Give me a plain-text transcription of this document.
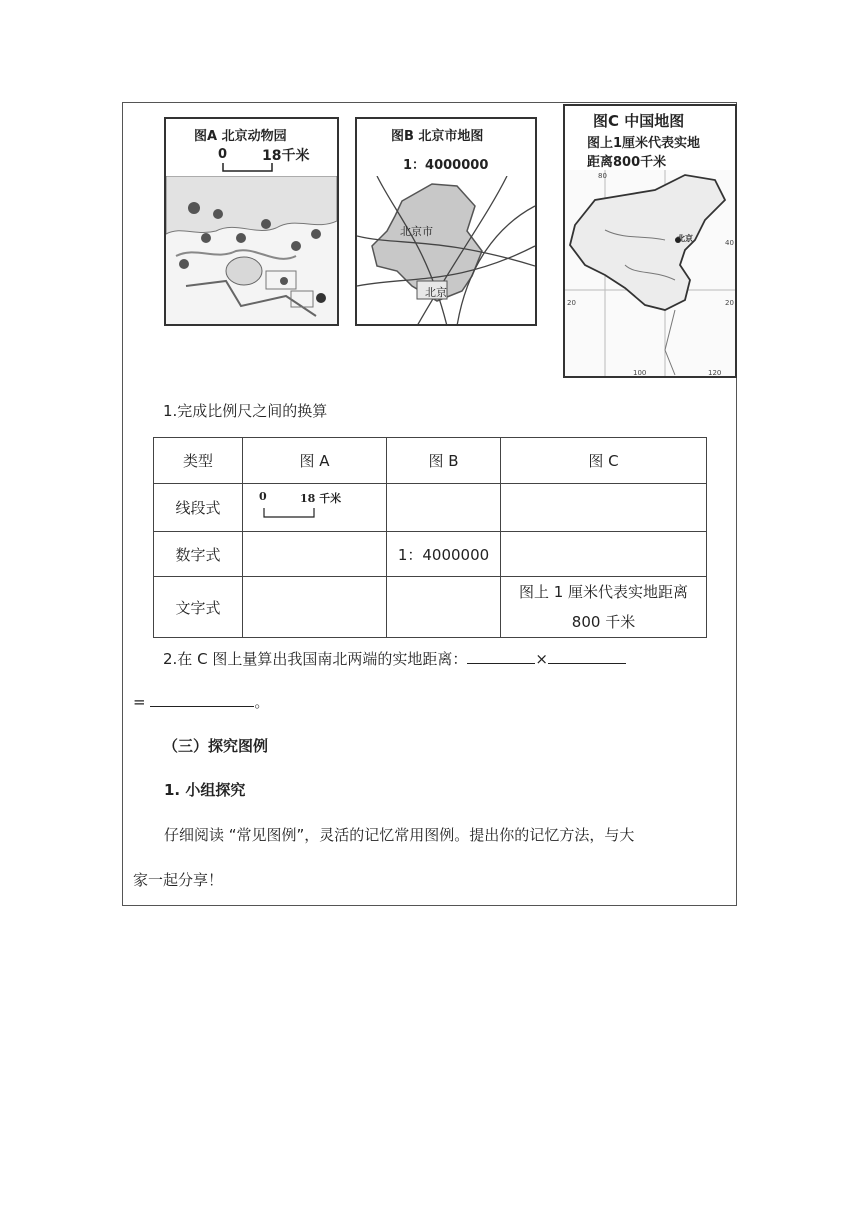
图A 北京动物园
0 18千米
图B 北京市地图
1：4000000
北京市
北京
图C 中国地图
图上1厘米代表实地
距离800千米
80
100	120
40
20
20
北京
1.完成比例尺之间的换算
类型	图 A	图 B	图 C
线段式	0 18 千米		

数字式		1：4000000	
文字式			图上 1 厘米代表实地距离
800 千米
2.在 C 图上量算出我国南北两端的实地距离：	×
=	。
（三）探究图例
1. 小组探究
仔细阅读 “常见图例”，灵活的记忆常用图例。提出你的记忆方法，与大
家一起分享！
